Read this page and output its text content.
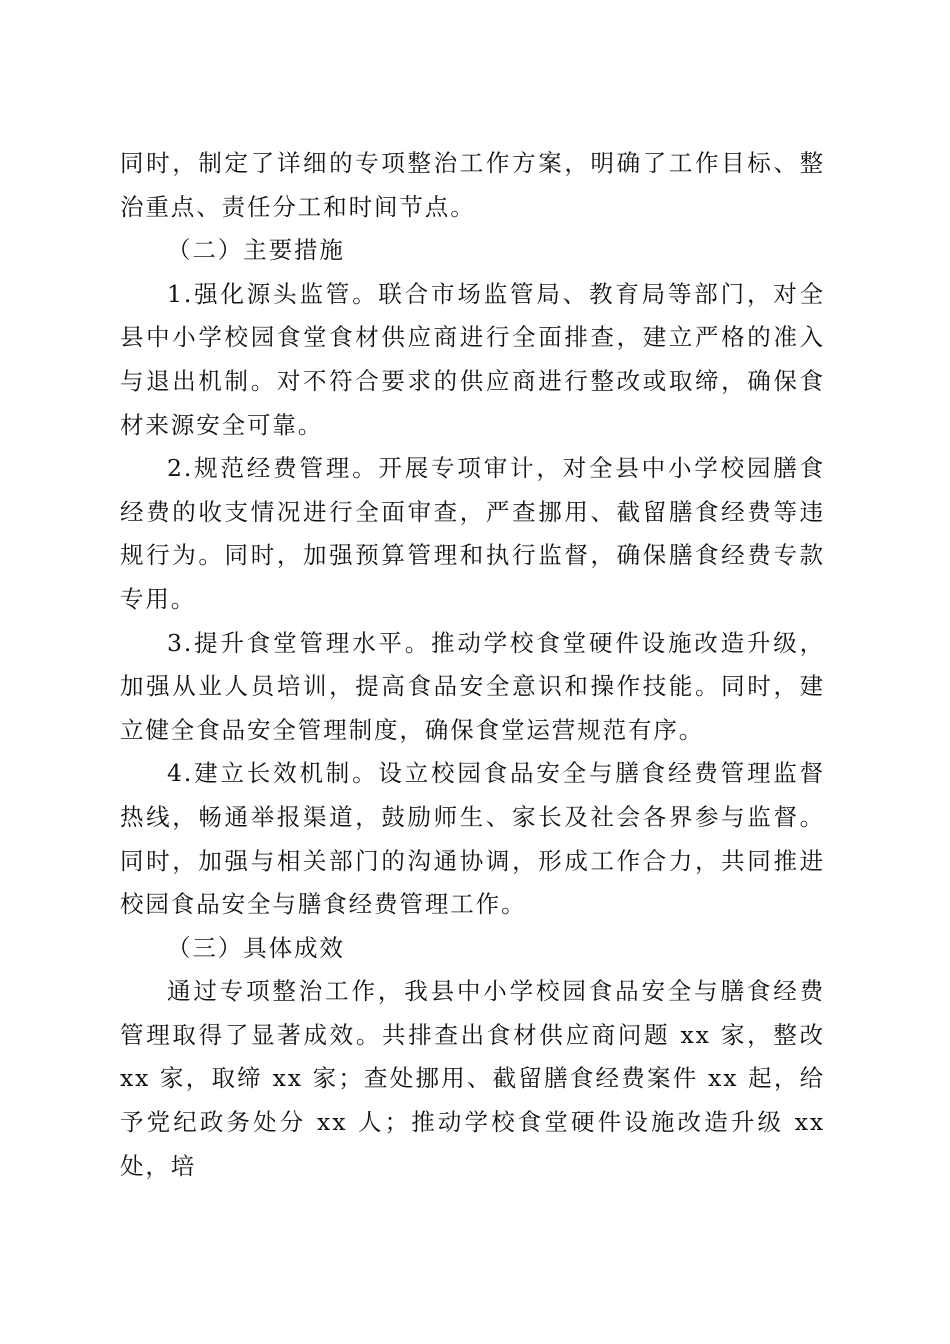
同时，制定了详细的专项整治工作方案，明确了工作目标、整治重点、责任分工和时间节点。

（二）主要措施

1.强化源头监管。联合市场监管局、教育局等部门，对全县中小学校园食堂食材供应商进行全面排查，建立严格的准入与退出机制。对不符合要求的供应商进行整改或取缔，确保食材来源安全可靠。

2.规范经费管理。开展专项审计，对全县中小学校园膳食经费的收支情况进行全面审查，严查挪用、截留膳食经费等违规行为。同时，加强预算管理和执行监督，确保膳食经费专款专用。

3.提升食堂管理水平。推动学校食堂硬件设施改造升级，加强从业人员培训，提高食品安全意识和操作技能。同时，建立健全食品安全管理制度，确保食堂运营规范有序。

4.建立长效机制。设立校园食品安全与膳食经费管理监督热线，畅通举报渠道，鼓励师生、家长及社会各界参与监督。同时，加强与相关部门的沟通协调，形成工作合力，共同推进校园食品安全与膳食经费管理工作。

（三）具体成效

通过专项整治工作，我县中小学校园食品安全与膳食经费管理取得了显著成效。共排查出食材供应商问题 xx 家，整改 xx 家，取缔 xx 家；查处挪用、截留膳食经费案件 xx 起，给予党纪政务处分 xx 人；推动学校食堂硬件设施改造升级 xx 处，培
